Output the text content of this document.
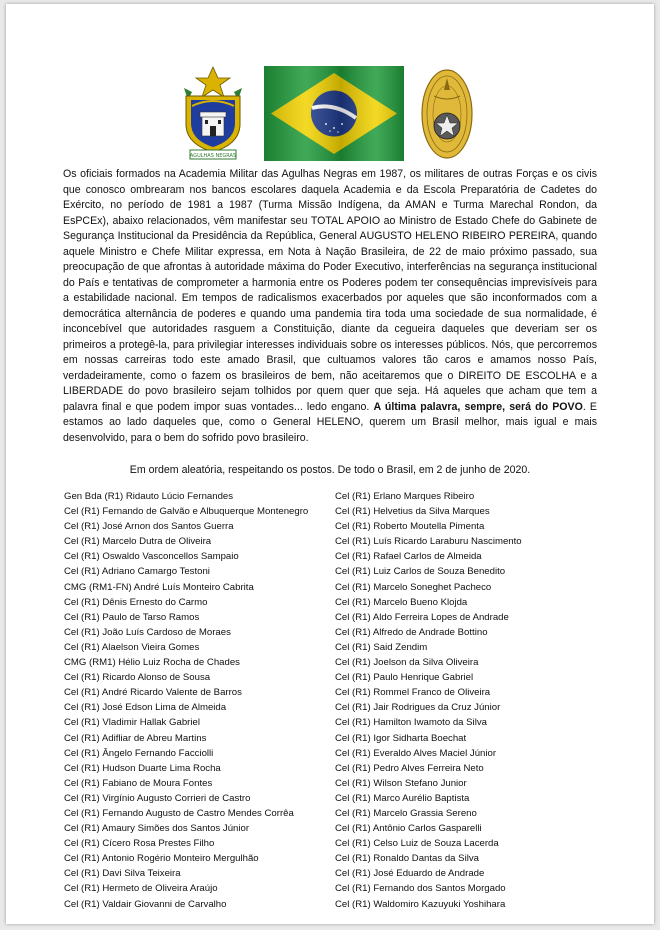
AGULHAS NEGRAS

Os oficiais formados na Academia Militar das Agulhas Negras em 1987, os militares de outras Forças e os civis que conosco ombrearam nos bancos escolares daquela Academia e da Escola Preparatória de Cadetes do Exército, no período de 1981 a 1987 (Turma Missão Indígena, da AMAN e Turma Marechal Rondon, da EsPCEx), abaixo relacionados, vêm manifestar seu TOTAL APOIO ao Ministro de Estado Chefe do Gabinete de Segurança Institucional da Presidência da República, General AUGUSTO HELENO RIBEIRO PEREIRA, quando aquele Ministro e Chefe Militar expressa, em Nota à Nação Brasileira, de 22 de maio próximo passado, sua preocupação de que afrontas à autoridade máxima do Poder Executivo, interferências na segurança institucional do País e tentativas de comprometer a harmonia entre os Poderes podem ter consequências imprevisíveis para a estabilidade nacional. Em tempos de radicalismos exacerbados por aqueles que são inconformados com a democrática alternância de poderes e quando uma pandemia tira toda uma sociedade de sua normalidade, é inconcebível que autoridades rasguem a Constituição, diante da cegueira daqueles que deveriam ser os primeiros a protegê-la, para privilegiar interesses individuais sobre os interesses públicos. Nós, que percorremos em nossas carreiras todo este amado Brasil, que cultuamos valores tão caros e amamos nosso País, verdadeiramente, como o fazem os brasileiros de bem, não aceitaremos que o DIREITO DE ESCOLHA e a LIBERDADE do povo brasileiro sejam tolhidos por quem quer que seja. Há aqueles que acham que tem a palavra final e que podem impor suas vontades... ledo engano. A última palavra, sempre, será do POVO. E estamos ao lado daqueles que, como o General HELENO, querem um Brasil melhor, mais igual e mais desenvolvido, para o bem do sofrido povo brasileiro.

Em ordem aleatória, respeitando os postos. De todo o Brasil, em 2 de junho de 2020.

Gen Bda (R1) Ridauto Lúcio Fernandes
Cel (R1) Fernando de Galvão e Albuquerque Montenegro
Cel (R1) José Arnon dos Santos Guerra
Cel (R1) Marcelo Dutra de Oliveira
Cel (R1) Oswaldo Vasconcellos Sampaio
Cel (R1) Adriano Camargo Testoni
CMG (RM1-FN) André Luís Monteiro Cabrita
Cel (R1) Dênis Ernesto do Carmo
Cel (R1) Paulo de Tarso Ramos
Cel (R1) João Luís Cardoso de Moraes
Cel (R1) Alaelson Vieira Gomes
CMG (RM1) Hélio Luiz Rocha de Chades
Cel (R1) Ricardo Alonso de Sousa
Cel (R1) André Ricardo Valente de Barros
Cel (R1) José Edson Lima de Almeida
Cel (R1) Vladimir Hallak Gabriel
Cel (R1) Adifliar de Abreu Martins
Cel (R1) Ângelo Fernando Facciolli
Cel (R1) Hudson Duarte Lima Rocha
Cel (R1) Fabiano de Moura Fontes
Cel (R1) Virgínio Augusto Corrieri de Castro
Cel (R1) Fernando Augusto de Castro Mendes Corrêa
Cel (R1) Amaury Simões dos Santos Júnior
Cel (R1) Cícero Rosa Prestes Filho
Cel (R1) Antonio Rogério Monteiro Mergulhão
Cel (R1) Davi Silva Teixeira
Cel (R1) Hermeto de Oliveira Araújo
Cel (R1) Valdair Giovanni de Carvalho
Cel (R1) Erlano Marques Ribeiro
Cel (R1) Helvetius da Silva Marques
Cel (R1) Roberto Moutella Pimenta
Cel (R1) Luís Ricardo Laraburu Nascimento
Cel (R1) Rafael Carlos de Almeida
Cel (R1) Luiz Carlos de Souza Benedito
Cel (R1) Marcelo Soneghet Pacheco
Cel (R1) Marcelo Bueno Klojda
Cel (R1) Aldo Ferreira Lopes de Andrade
Cel (R1) Alfredo de Andrade Bottino
Cel (R1) Said Zendim
Cel (R1) Joelson da Silva Oliveira
Cel (R1) Paulo Henrique Gabriel
Cel (R1) Rommel Franco de Oliveira
Cel (R1) Jair Rodrigues da Cruz Júnior
Cel (R1) Hamilton Iwamoto da Silva
Cel (R1) Igor Sidharta Boechat
Cel (R1) Everaldo Alves Maciel Júnior
Cel (R1) Pedro Alves Ferreira Neto
Cel (R1) Wilson Stefano Junior
Cel (R1) Marco Aurélio Baptista
Cel (R1) Marcelo Grassia Sereno
Cel (R1) Antônio Carlos Gasparelli
Cel (R1) Celso Luiz de Souza Lacerda
Cel (R1) Ronaldo Dantas da Silva
Cel (R1) José Eduardo de Andrade
Cel (R1) Fernando dos Santos Morgado
Cel (R1) Waldomiro Kazuyuki Yoshihara
